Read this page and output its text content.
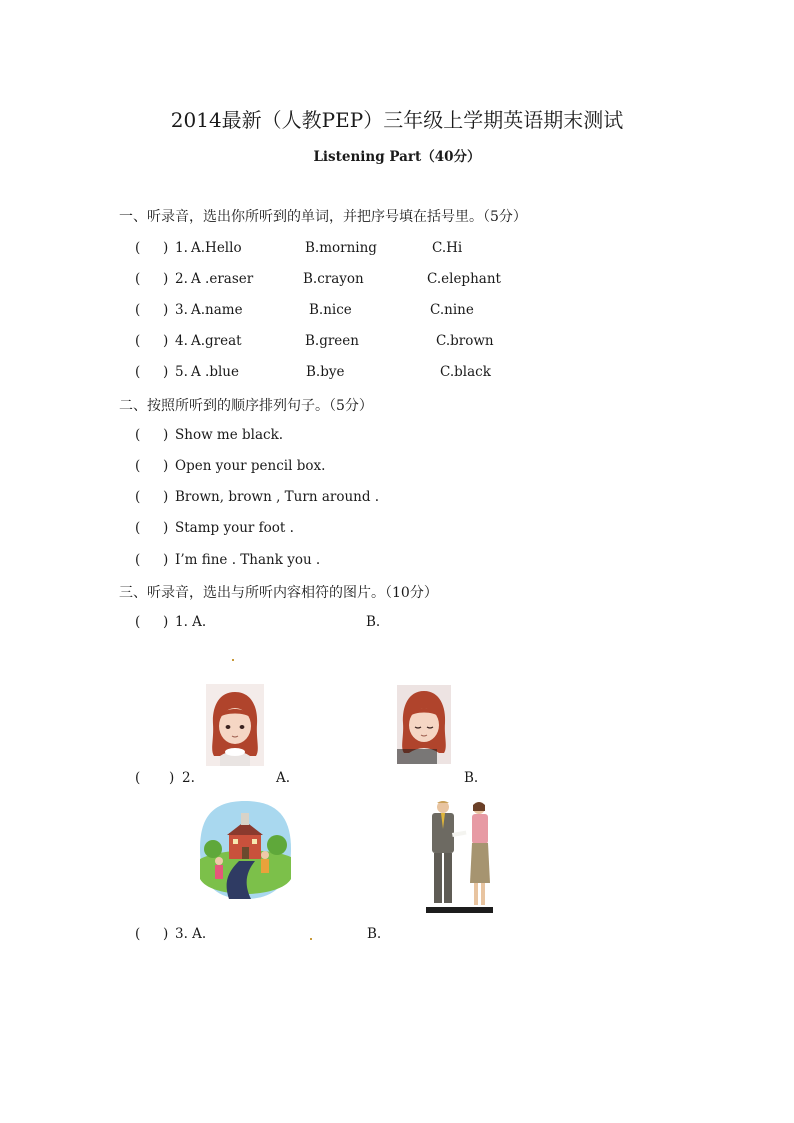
2014最新（人教PEP）三年级上学期英语期末测试
Listening Part（40分）
一、听录音，选出你所听到的单词，并把序号填在括号里。（5分）
( ) 1. A.Hello	B.morning	C.Hi
( ) 2. A .eraser	B.crayon	C.elephant
( ) 3. A.name	B.nice	C.nine
( ) 4. A.great	B.green	C.brown
( ) 5. A .blue	B.bye	C.black
二、按照所听到的顺序排列句子。（5分）
( ) Show me black.
( ) Open your pencil box.
( ) Brown, brown , Turn around .
( ) Stamp your foot .
( ) I’m fine . Thank you .
三、听录音，选出与所听内容相符的图片。（10分）
( ) 1. A.	B.
( ) 2.	A.	B.
( ) 3. A.	B.
